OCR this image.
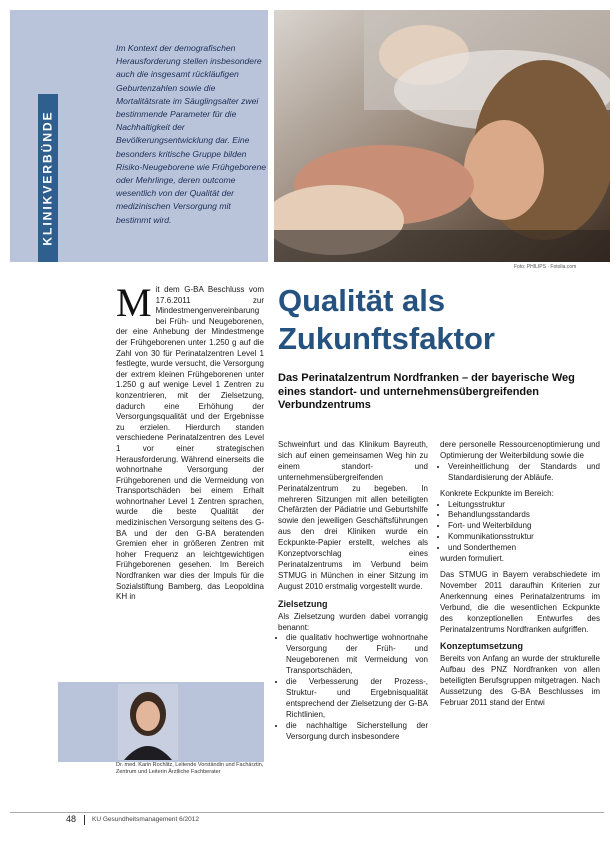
KLINIKVERBÜNDE
Im Kontext der demografischen Herausforderung stellen insbesondere auch die insgesamt rückläufigen Geburtenzahlen sowie die Mortalitätsrate im Säuglingsalter zwei bestimmende Parameter für die Nachhaltigkeit der Bevölkerungsentwicklung dar. Eine besonders kritische Gruppe bilden Risiko-Neugeborene wie Frühgeborene oder Mehrlinge, deren outcome wesentlich von der Qualität der medizinischen Versorgung mit bestimmt wird.
Foto: PHILIPS · Fotolia.com
M it dem G-BA Beschluss vom 17.6.2011 zur Mindestmengenvereinbarung bei Früh- und Neugeborenen, der eine Anhebung der Mindestmenge der Frühgeborenen unter 1.250 g auf die Zahl von 30 für Perinatalzentren Level 1 festlegte, wurde versucht, die Versorgung der extrem kleinen Frühgeborenen unter 1.250 g auf wenige Level 1 Zentren zu konzentrieren, mit der Zielsetzung, dadurch eine Erhöhung der Versorgungsqualität und der Ergebnisse zu erzielen. Hierdurch standen verschiedene Perinatalzentren des Level 1 vor einer strategischen Herausforderung. Während einerseits die wohnortnahe Versorgung der Frühgeborenen und die Vermeidung von Transportschäden bei einem Erhalt wohnortnaher Level 1 Zentren sprachen, wurde die beste Qualität der medizinischen Versorgung seitens des G-BA und der den G-BA beratenden Gremien eher in größeren Zentren mit hoher Frequenz an leichtgewichtigen Frühgeborenen gesehen. Im Bereich Nordfranken war dies der Impuls für die Sozialstiftung Bamberg, das Leopoldina KH in
Qualität als Zukunftsfaktor
Das Perinatalzentrum Nordfranken – der bayerische Weg eines standort- und unternehmensübergreifenden Verbundzentrums

Schweinfurt und das Klinikum Bayreuth, sich auf einen gemeinsamen Weg hin zu einem standort- und unternehmensübergreifenden Perinatalzentrum zu begeben. In mehreren Sitzungen mit allen beteiligten Chefärzten der Pädiatrie und Geburtshilfe sowie den jeweiligen Geschäftsführungen aus den drei Kliniken wurde ein Eckpunkte-Papier erstellt, welches als Konzeptvorschlag eines Perinatalzentrums im Verbund beim STMUG in München in einer Sitzung im August 2010 erstmalig vorgestellt wurde.

Zielsetzung

Als Zielsetzung wurden dabei vorrangig benannt:

• die qualitativ hochwertige wohnortnahe Versorgung der Früh- und Neugeborenen mit Vermeidung von Transportschäden,
• die Verbesserung der Prozess-, Struktur- und Ergebnisqualität entsprechend der Zielsetzung der G-BA Richtlinien,
• die nachhaltige Sicherstellung der Versorgung durch insbesondere

dere personelle Ressourcenoptimierung und Optimierung der Weiterbildung sowie die

• Vereinheitlichung der Standards und Standardisierung der Abläufe.

Konkrete Eckpunkte im Bereich:

• Leitungsstruktur
• Behandlungsstandards
• Fort- und Weiterbildung
• Kommunikationsstruktur
• und Sonderthemen

wurden formuliert.

Das STMUG in Bayern verabschiedete im November 2011 daraufhin Kriterien zur Anerkennung eines Perinatalzentrums im Verbund, die die wesentlichen Eckpunkte des konzeptionellen Entwurfes des Perinatalzentrums Nordfranken aufgriffen.

Konzeptumsetzung

Bereits von Anfang an wurde der strukturelle Aufbau des PNZ Nordfranken von allen beteiligten Berufsgruppen mitgetragen. Nach Aussetzung des G-BA Beschlusses im Februar 2011 stand der Entwi

Dr. med. Karin Rochlitz, Leitende Vorständin und Fachärztin, Zentrum und Leiterin Ärztliche Fachberater
48 KU Gesundheitsmanagement 6/2012
